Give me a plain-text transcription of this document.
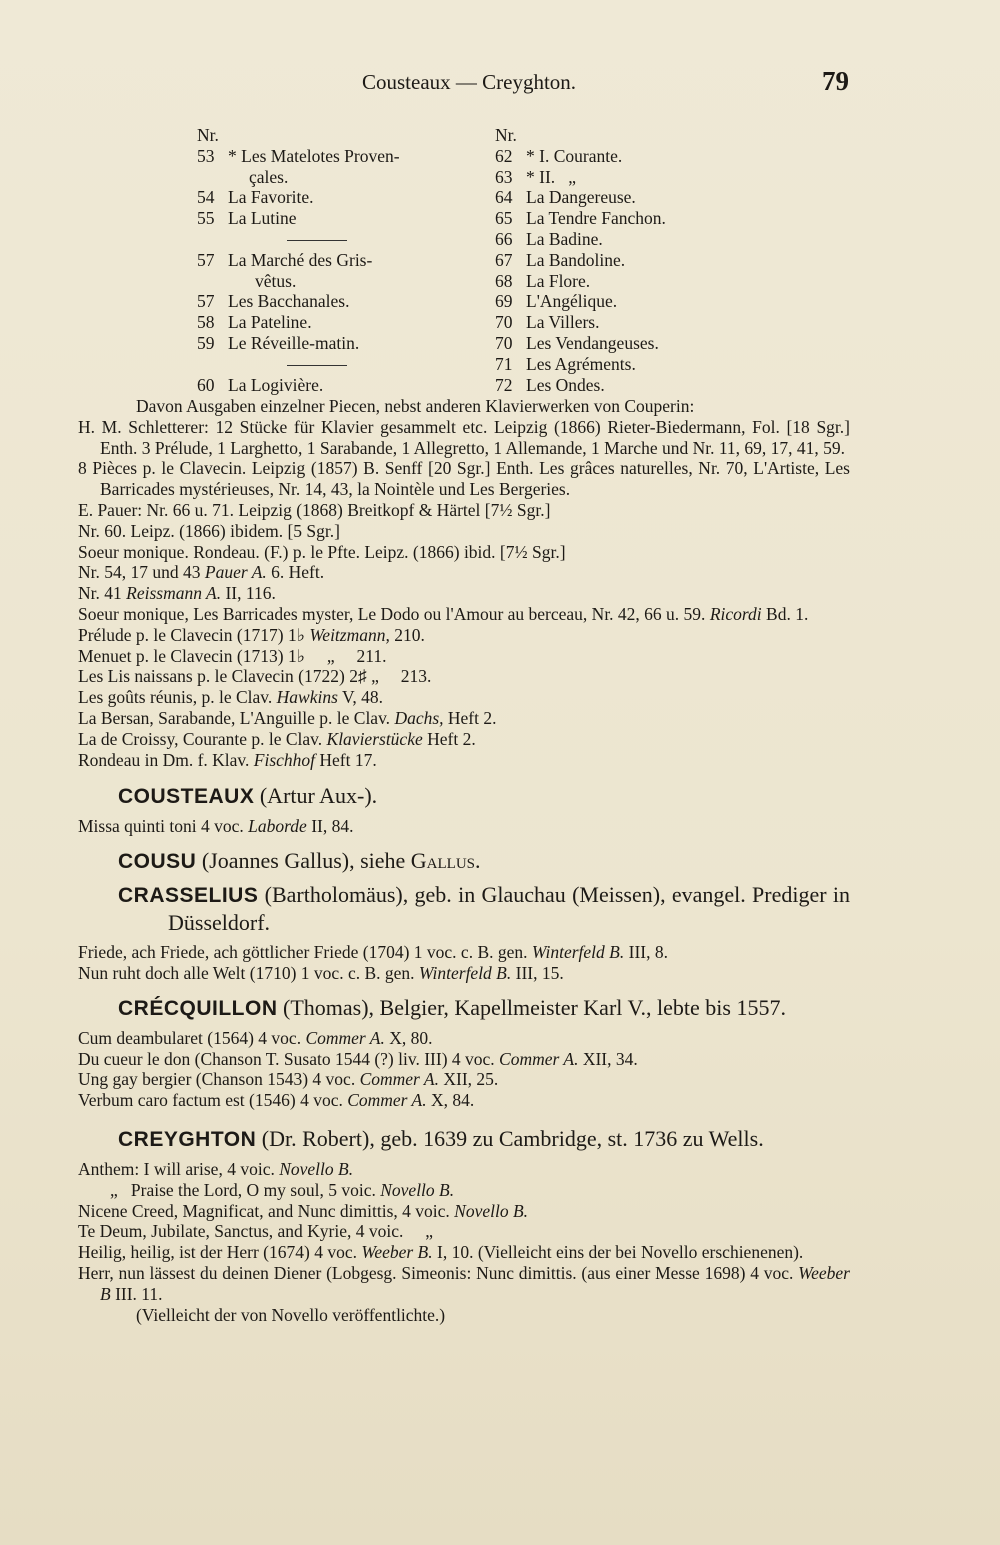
Cousteaux — Creyghton.	79
Nr.
53 * Les Matelotes Proven-
çales.
54 La Favorite.
55 La Lutine
57 La Marché des Gris-
vêtus.
57 Les Bacchanales.
58 La Pateline.
59 Le Réveille-matin.
60 La Logivière.
Nr.
62 * I. Courante.
63 * II.   „
64 La Dangereuse.
65 La Tendre Fanchon.
66 La Badine.
67 La Bandoline.
68 La Flore.
69 L'Angélique.
70 La Villers.
70 Les Vendangeuses.
71 Les Agréments.
72 Les Ondes.

Davon Ausgaben einzelner Piecen, nebst anderen Klavierwerken von Couperin:

H. M. Schletterer: 12 Stücke für Klavier gesammelt etc. Leipzig (1866) Rieter-Biedermann, Fol. [18 Sgr.] Enth. 3 Prélude, 1 Larghetto, 1 Sarabande, 1 Allegretto, 1 Allemande, 1 Marche und Nr. 11, 69, 17, 41, 59.

8 Pièces p. le Clavecin. Leipzig (1857) B. Senff [20 Sgr.] Enth. Les grâces naturelles, Nr. 70, L'Artiste, Les Barricades mystérieuses, Nr. 14, 43, la Nointèle und Les Bergeries.

E. Pauer: Nr. 66 u. 71. Leipzig (1868) Breitkopf & Härtel [7½ Sgr.]

Nr. 60. Leipz. (1866) ibidem. [5 Sgr.]

Soeur monique. Rondeau. (F.) p. le Pfte. Leipz. (1866) ibid. [7½ Sgr.]

Nr. 54, 17 und 43 Pauer A. 6. Heft.

Nr. 41 Reissmann A. II, 116.

Soeur monique, Les Barricades myster, Le Dodo ou l'Amour au berceau, Nr. 42, 66 u. 59. Ricordi Bd. 1.

Prélude p. le Clavecin (1717) 1♭ Weitzmann, 210.

Menuet p. le Clavecin (1713) 1♭     „     211.

Les Lis naissans p. le Clavecin (1722) 2♯ „     213.

Les goûts réunis, p. le Clav. Hawkins V, 48.

La Bersan, Sarabande, L'Anguille p. le Clav. Dachs, Heft 2.

La de Croissy, Courante p. le Clav. Klavierstücke Heft 2.

Rondeau in Dm. f. Klav. Fischhof Heft 17.

COUSTEAUX (Artur Aux-).

Missa quinti toni 4 voc. Laborde II, 84.

COUSU (Joannes Gallus), siehe Gallus.

CRASSELIUS (Bartholomäus), geb. in Glauchau (Meissen), evangel. Prediger in Düsseldorf.

Friede, ach Friede, ach göttlicher Friede (1704) 1 voc. c. B. gen. Winterfeld B. III, 8.

Nun ruht doch alle Welt (1710) 1 voc. c. B. gen. Winterfeld B. III, 15.

CRÉCQUILLON (Thomas), Belgier, Kapellmeister Karl V., lebte bis 1557.

Cum deambularet (1564) 4 voc. Commer A. X, 80.

Du cueur le don (Chanson T. Susato 1544 (?) liv. III) 4 voc. Commer A. XII, 34.

Ung gay bergier (Chanson 1543) 4 voc. Commer A. XII, 25.

Verbum caro factum est (1546) 4 voc. Commer A. X, 84.

CREYGHTON (Dr. Robert), geb. 1639 zu Cambridge, st. 1736 zu Wells.

Anthem: I will arise, 4 voic. Novello B.

„   Praise the Lord, O my soul, 5 voic. Novello B.

Nicene Creed, Magnificat, and Nunc dimittis, 4 voic. Novello B.

Te Deum, Jubilate, Sanctus, and Kyrie, 4 voic.     „

Heilig, heilig, ist der Herr (1674) 4 voc. Weeber B. I, 10. (Vielleicht eins der bei Novello erschienenen).

Herr, nun lässest du deinen Diener (Lobgesg. Simeonis: Nunc dimittis. (aus einer Messe 1698) 4 voc. Weeber B III. 11.

(Vielleicht der von Novello veröffentlichte.)
